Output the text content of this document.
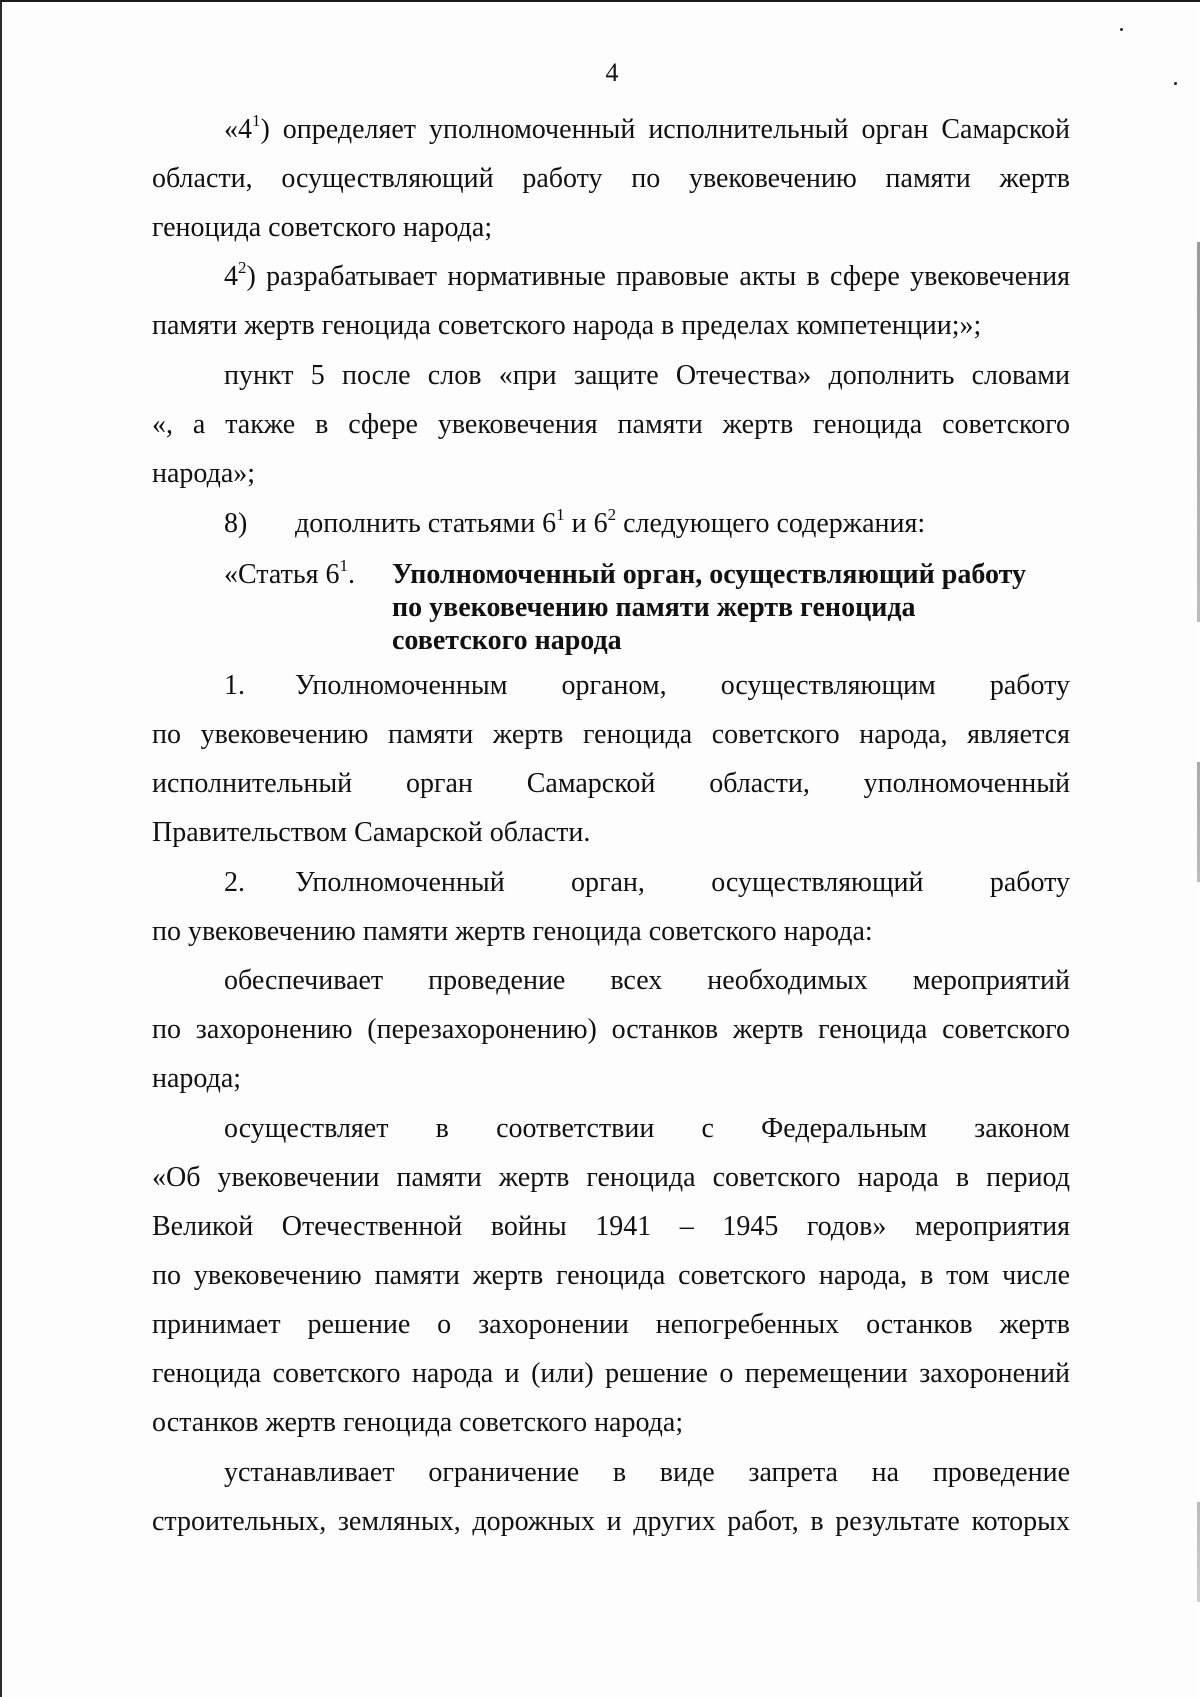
4
«$4^1$) определяет уполномоченный исполнительный орган Самарской
области, осуществляющий работу по увековечению памяти жертв
геноцида советского народа;
$4^2$) разрабатывает нормативные правовые акты в сфере увековечения
памяти жертв геноцида советского народа в пределах компетенции;»;
пункт 5 после слов «при защите Отечества» дополнить словами
«, а также в сфере увековечения памяти жертв геноцида советского
народа»;
8) дополнить статьями $6^1$ и $6^2$ следующего содержания:
«Статья $6^1$.	Уполномоченный орган, осуществляющий работу
по увековечению памяти жертв геноцида
советского народа
1. Уполномоченным органом, осуществляющим работу
по увековечению памяти жертв геноцида советского народа, является
исполнительный орган Самарской области, уполномоченный
Правительством Самарской области.
2. Уполномоченный орган, осуществляющий работу
по увековечению памяти жертв геноцида советского народа:
обеспечивает проведение всех необходимых мероприятий
по захоронению (перезахоронению) останков жертв геноцида советского
народа;
осуществляет в соответствии с Федеральным законом
«Об увековечении памяти жертв геноцида советского народа в период
Великой Отечественной войны 1941 – 1945 годов» мероприятия
по увековечению памяти жертв геноцида советского народа, в том числе
принимает решение о захоронении непогребенных останков жертв
геноцида советского народа и (или) решение о перемещении захоронений
останков жертв геноцида советского народа;
устанавливает ограничение в виде запрета на проведение
строительных, земляных, дорожных и других работ, в результате которых
